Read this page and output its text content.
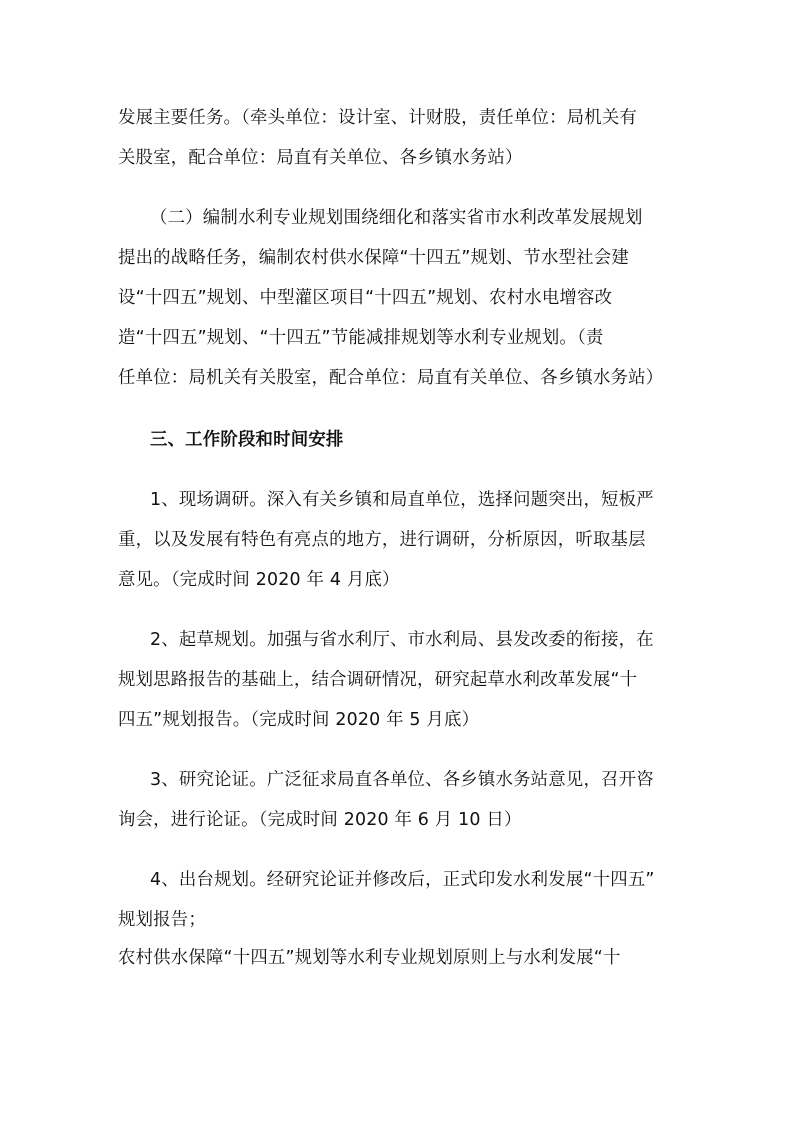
发展主要任务。（牵头单位：设计室、计财股，责任单位：局机关有
关股室，配合单位：局直有关单位、各乡镇水务站）
（二）编制水利专业规划围绕细化和落实省市水利改革发展规划
提出的战略任务，编制农村供水保障“十四五”规划、节水型社会建
设“十四五”规划、中型灌区项目“十四五”规划、农村水电增容改
造“十四五”规划、“十四五”节能减排规划等水利专业规划。（责
任单位：局机关有关股室，配合单位：局直有关单位、各乡镇水务站）
三、工作阶段和时间安排
1、现场调研。深入有关乡镇和局直单位，选择问题突出，短板严
重，以及发展有特色有亮点的地方，进行调研，分析原因，听取基层
意见。（完成时间 2020 年 4 月底）
2、起草规划。加强与省水利厅、市水利局、县发改委的衔接，在
规划思路报告的基础上，结合调研情况，研究起草水利改革发展“十
四五”规划报告。（完成时间 2020 年 5 月底）
3、研究论证。广泛征求局直各单位、各乡镇水务站意见，召开咨
询会，进行论证。（完成时间 2020 年 6 月 10 日）
4、出台规划。经研究论证并修改后，正式印发水利发展“十四五”
规划报告；
农村供水保障“十四五”规划等水利专业规划原则上与水利发展“十
